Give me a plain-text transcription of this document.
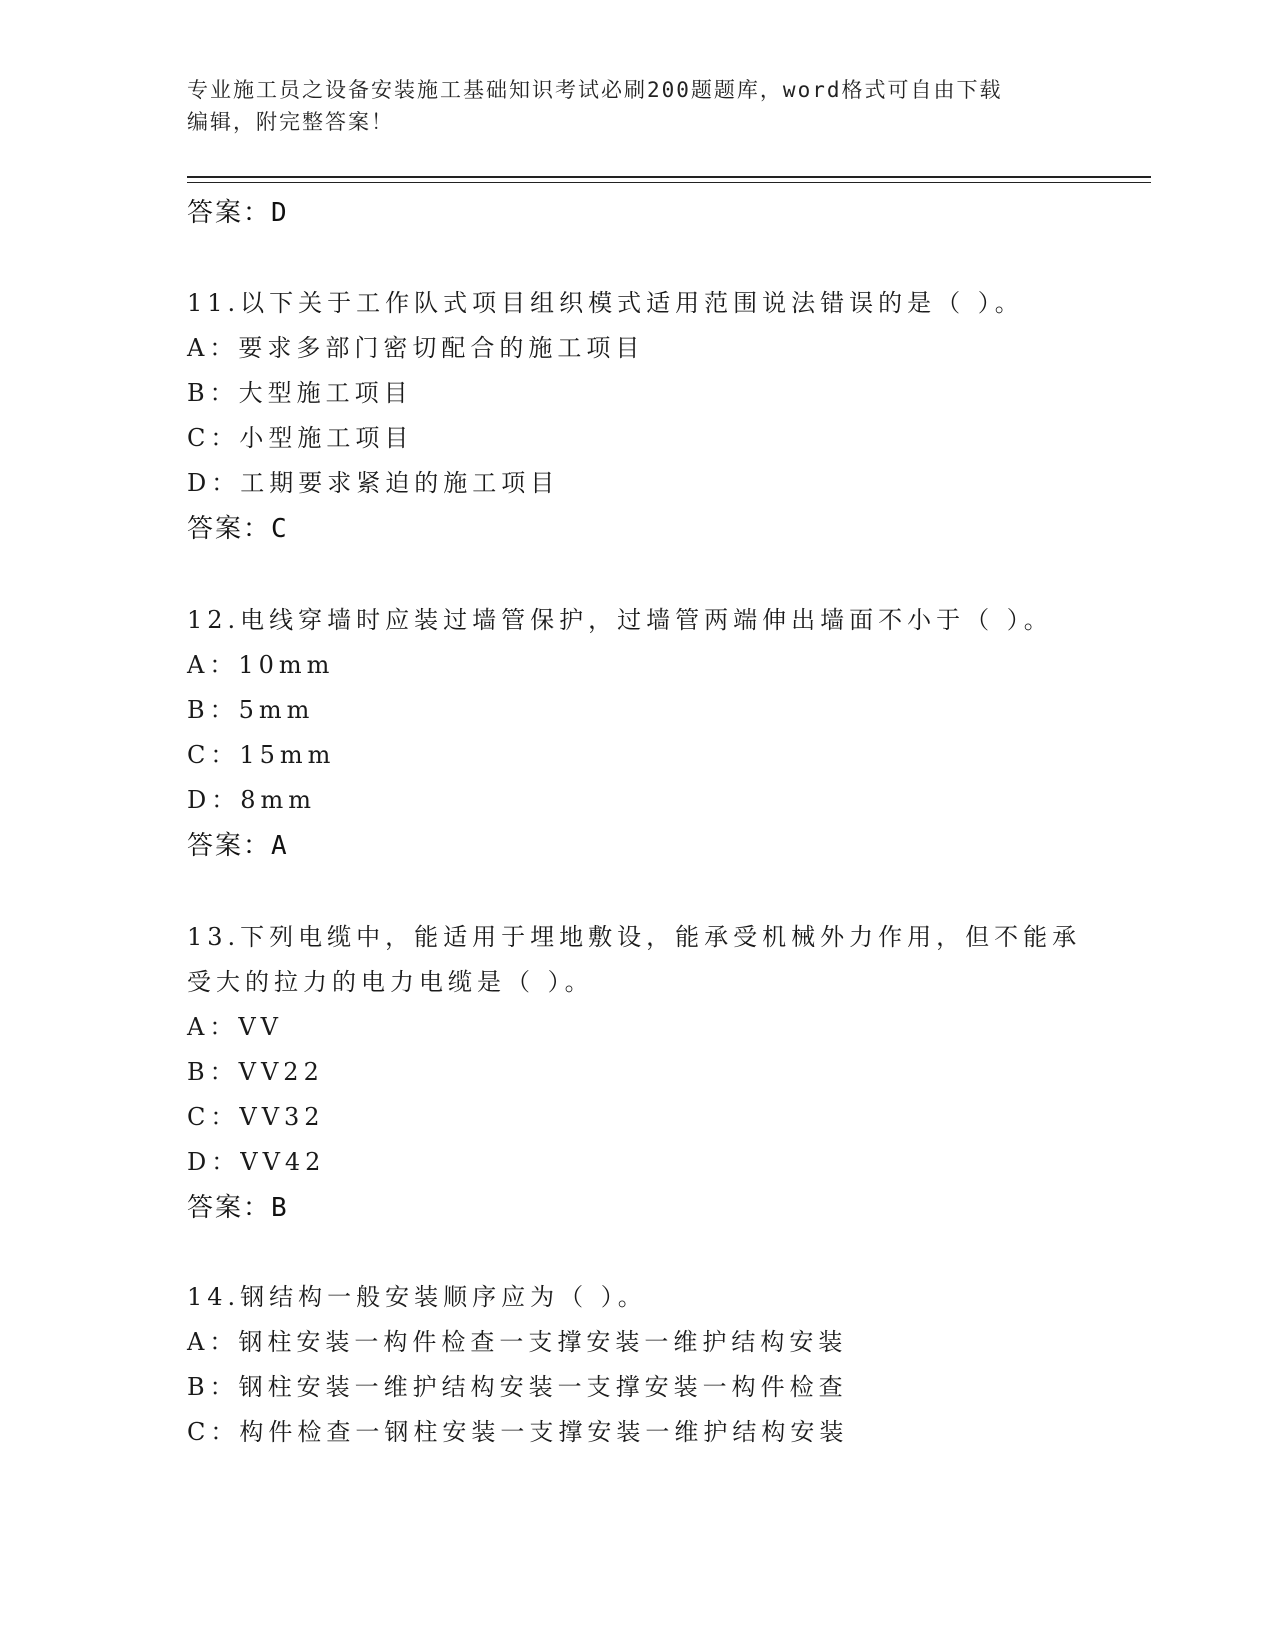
专业施工员之设备安装施工基础知识考试必刷200题题库，word格式可自由下载
编辑，附完整答案！
答案：D
11.以下关于工作队式项目组织模式适用范围说法错误的是（ ）。
A：要求多部门密切配合的施工项目
B：大型施工项目
C：小型施工项目
D：工期要求紧迫的施工项目
答案：C
12.电线穿墙时应装过墙管保护，过墙管两端伸出墙面不小于（ ）。
A：10mm
B：5mm
C：15mm
D：8mm
答案：A
13.下列电缆中，能适用于埋地敷设，能承受机械外力作用，但不能承
受大的拉力的电力电缆是（ ）。
A：VV
B：VV22
C：VV32
D：VV42
答案：B
14.钢结构一般安装顺序应为（ ）。
A：钢柱安装一构件检查一支撑安装一维护结构安装
B：钢柱安装一维护结构安装一支撑安装一构件检查
C：构件检查一钢柱安装一支撑安装一维护结构安装
